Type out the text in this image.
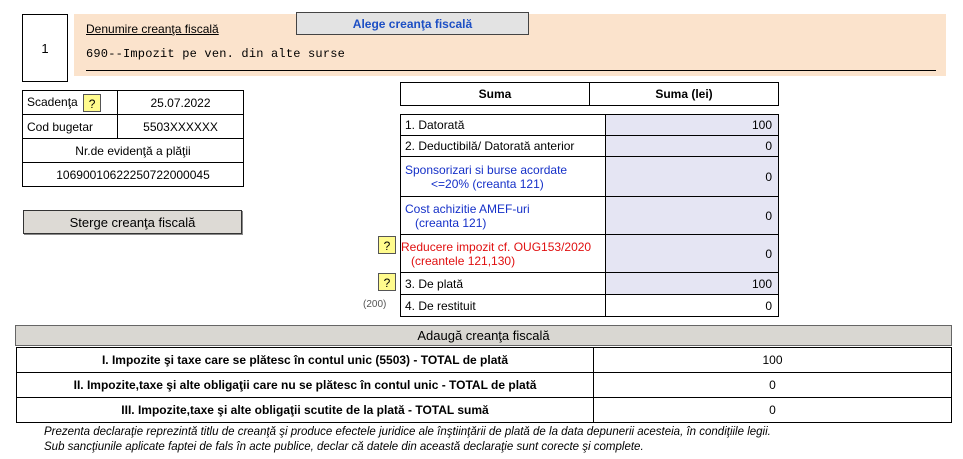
1
Denumire creanţa fiscală
690--Impozit pe ven. din alte surse
Alege creanţa fiscală
Scadenţa ?	25.07.2022
Cod bugetar	5503XXXXXX
Nr.de evidenţă a plăţii	
10690010622250722000045	
Sterge creanţa fiscală
Suma	Suma (lei)
1. Datorată	100
2. Deductibilă/ Datorată anterior	0

Sponsorizari si burse acordate
<=20% (creanta 121)	0

Cost achizitie AMEF-uri
(creanta 121)	0

Reducere impozit cf. OUG153/2020
(creantele 121,130)	0
3. De plată	100
4. De restituit	0
?
?
(200)
Adaugă creanţa fiscală
I. Impozite şi taxe care se plătesc în contul unic (5503) - TOTAL de plată	100
II. Impozite,taxe şi alte obligaţii care nu se plătesc în contul unic - TOTAL de plată	0
III. Impozite,taxe şi alte obligaţii scutite de la plată - TOTAL sumă	0
Prezenta declaraţie reprezintă titlu de creanţă şi produce efectele juridice ale înştiinţării de plată de la data depunerii acesteia, în condiţiile legii.
Sub sancţiunile aplicate faptei de fals în acte publice, declar că datele din această declaraţie sunt corecte şi complete.
